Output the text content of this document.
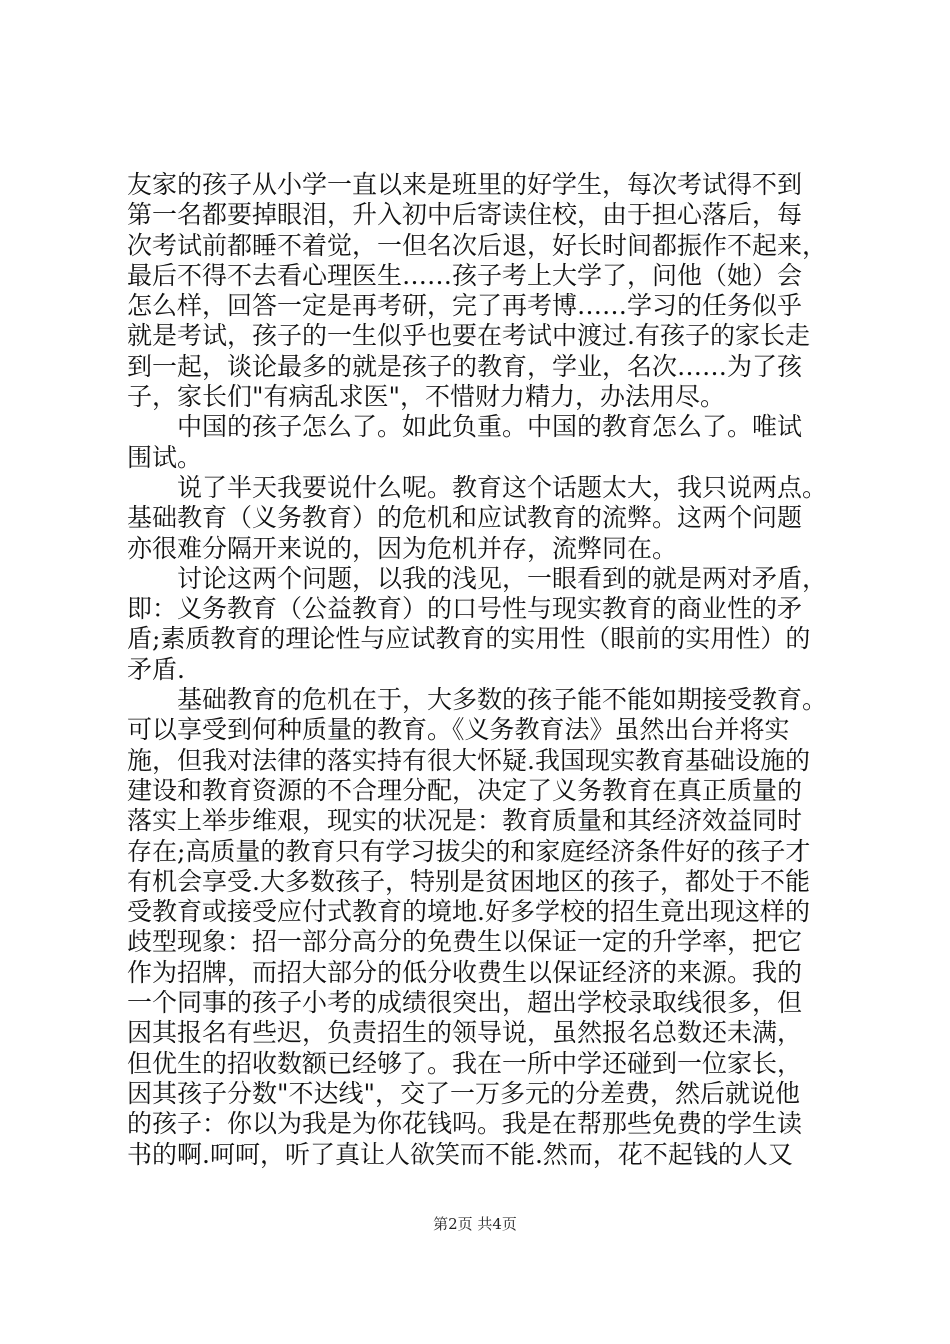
友家的孩子从小学一直以来是班里的好学生，每次考试得不到
第一名都要掉眼泪，升入初中后寄读住校，由于担心落后，每
次考试前都睡不着觉，一但名次后退，好长时间都振作不起来，
最后不得不去看心理医生……孩子考上大学了，问他（她）会
怎么样，回答一定是再考研，完了再考博……学习的任务似乎
就是考试，孩子的一生似乎也要在考试中渡过.有孩子的家长走
到一起，谈论最多的就是孩子的教育，学业，名次……为了孩
子，家长们"有病乱求医"，不惜财力精力，办法用尽。
　　中国的孩子怎么了。如此负重。中国的教育怎么了。唯试
围试。
　　说了半天我要说什么呢。教育这个话题太大，我只说两点。
基础教育（义务教育）的危机和应试教育的流弊。这两个问题
亦很难分隔开来说的，因为危机并存，流弊同在。
　　讨论这两个问题，以我的浅见，一眼看到的就是两对矛盾，
即：义务教育（公益教育）的口号性与现实教育的商业性的矛
盾;素质教育的理论性与应试教育的实用性（眼前的实用性）的
矛盾.
　　基础教育的危机在于，大多数的孩子能不能如期接受教育。
可以享受到何种质量的教育。《义务教育法》虽然出台并将实
施，但我对法律的落实持有很大怀疑.我国现实教育基础设施的
建设和教育资源的不合理分配，决定了义务教育在真正质量的
落实上举步维艰，现实的状况是：教育质量和其经济效益同时
存在;高质量的教育只有学习拔尖的和家庭经济条件好的孩子才
有机会享受.大多数孩子，特别是贫困地区的孩子，都处于不能
受教育或接受应付式教育的境地.好多学校的招生竟出现这样的
歧型现象：招一部分高分的免费生以保证一定的升学率，把它
作为招牌，而招大部分的低分收费生以保证经济的来源。我的
一个同事的孩子小考的成绩很突出，超出学校录取线很多，但
因其报名有些迟，负责招生的领导说，虽然报名总数还未满，
但优生的招收数额已经够了。我在一所中学还碰到一位家长，
因其孩子分数"不达线"，交了一万多元的分差费，然后就说他
的孩子：你以为我是为你花钱吗。我是在帮那些免费的学生读
书的啊.呵呵，听了真让人欲笑而不能.然而，花不起钱的人又
第2页 共4页
